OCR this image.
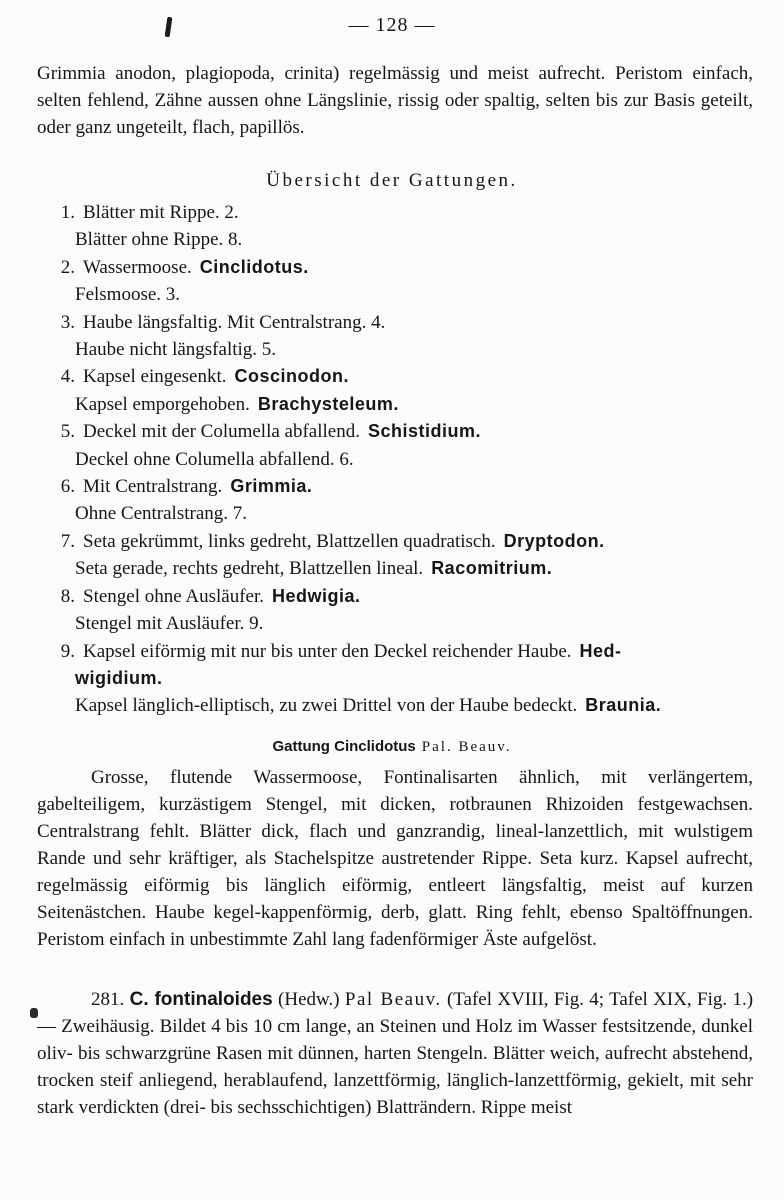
— 128 —
Grimmia anodon, plagiopoda, crinita) regelmässig und meist aufrecht. Peristom einfach, selten fehlend, Zähne aussen ohne Längslinie, rissig oder spaltig, selten bis zur Basis geteilt, oder ganz ungeteilt, flach, papillös.
Übersicht der Gattungen.
1. Blätter mit Rippe. 2.
Blätter ohne Rippe. 8.
2. Wassermoose. Cinclidotus.
Felsmoose. 3.
3. Haube längsfaltig. Mit Centralstrang. 4.
Haube nicht längsfaltig. 5.
4. Kapsel eingesenkt. Coscinodon.
Kapsel emporgehoben. Brachysteleum.
5. Deckel mit der Columella abfallend. Schistidium.
Deckel ohne Columella abfallend. 6.
6. Mit Centralstrang. Grimmia.
Ohne Centralstrang. 7.
7. Seta gekrümmt, links gedreht, Blattzellen quadratisch. Dryptodon.
Seta gerade, rechts gedreht, Blattzellen lineal. Racomitrium.
8. Stengel ohne Ausläufer. Hedwigia.
Stengel mit Ausläufer. 9.
9. Kapsel eiförmig mit nur bis unter den Deckel reichender Haube. Hed-
wigidium.
Kapsel länglich-elliptisch, zu zwei Drittel von der Haube bedeckt. Braunia.
Gattung Cinclidotus Pal. Beauv.
Grosse, flutende Wassermoose, Fontinalisarten ähnlich, mit verlängertem, gabelteiligem, kurzästigem Stengel, mit dicken, rotbraunen Rhizoiden festgewachsen. Centralstrang fehlt. Blätter dick, flach und ganzrandig, lineal-lanzettlich, mit wulstigem Rande und sehr kräftiger, als Stachelspitze austretender Rippe. Seta kurz. Kapsel aufrecht, regelmässig eiförmig bis länglich eiförmig, entleert längsfaltig, meist auf kurzen Seitenästchen. Haube kegel-kappenförmig, derb, glatt. Ring fehlt, ebenso Spaltöffnungen. Peristom einfach in unbestimmte Zahl lang fadenförmiger Äste aufgelöst.
281. C. fontinaloides (Hedw.) Pal Beauv. (Tafel XVIII, Fig. 4; Tafel XIX, Fig. 1.) — Zweihäusig. Bildet 4 bis 10 cm lange, an Steinen und Holz im Wasser festsitzende, dunkel oliv- bis schwarzgrüne Rasen mit dünnen, harten Stengeln. Blätter weich, aufrecht abstehend, trocken steif anliegend, herablaufend, lanzettförmig, länglich-lanzettförmig, gekielt, mit sehr stark verdickten (drei- bis sechsschichtigen) Blatträndern. Rippe meist
